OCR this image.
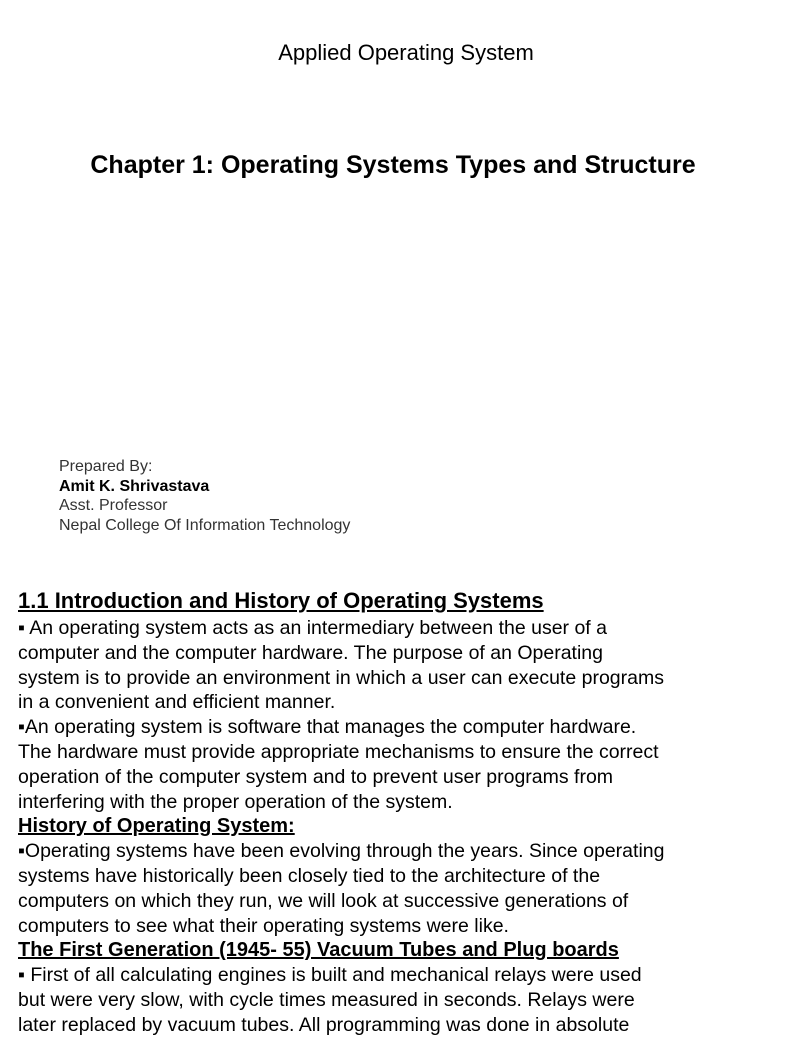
Applied Operating System
Chapter 1: Operating Systems Types and Structure
Prepared By:
Amit K. Shrivastava
Asst. Professor
Nepal College Of Information Technology
1.1 Introduction and History of Operating Systems
▪ An operating system acts as an intermediary between the user of a
computer and the computer hardware. The purpose of an Operating
system is to provide an environment in which a user can execute programs
in a convenient and efficient manner.
▪An operating system is software that manages the computer hardware.
The hardware must provide appropriate mechanisms to ensure the correct
operation of the computer system and to prevent user programs from
interfering with the proper operation of the system.
History of Operating System:
▪Operating systems have been evolving through the years. Since operating
systems have historically been closely tied to the architecture of the
computers on which they run, we will look at successive generations of
computers to see what their operating systems were like.
The First Generation (1945- 55) Vacuum Tubes and Plug boards
▪ First of all calculating engines is built and mechanical relays were used
but were very slow, with cycle times measured in seconds. Relays were
later replaced by vacuum tubes. All programming was done in absolute
